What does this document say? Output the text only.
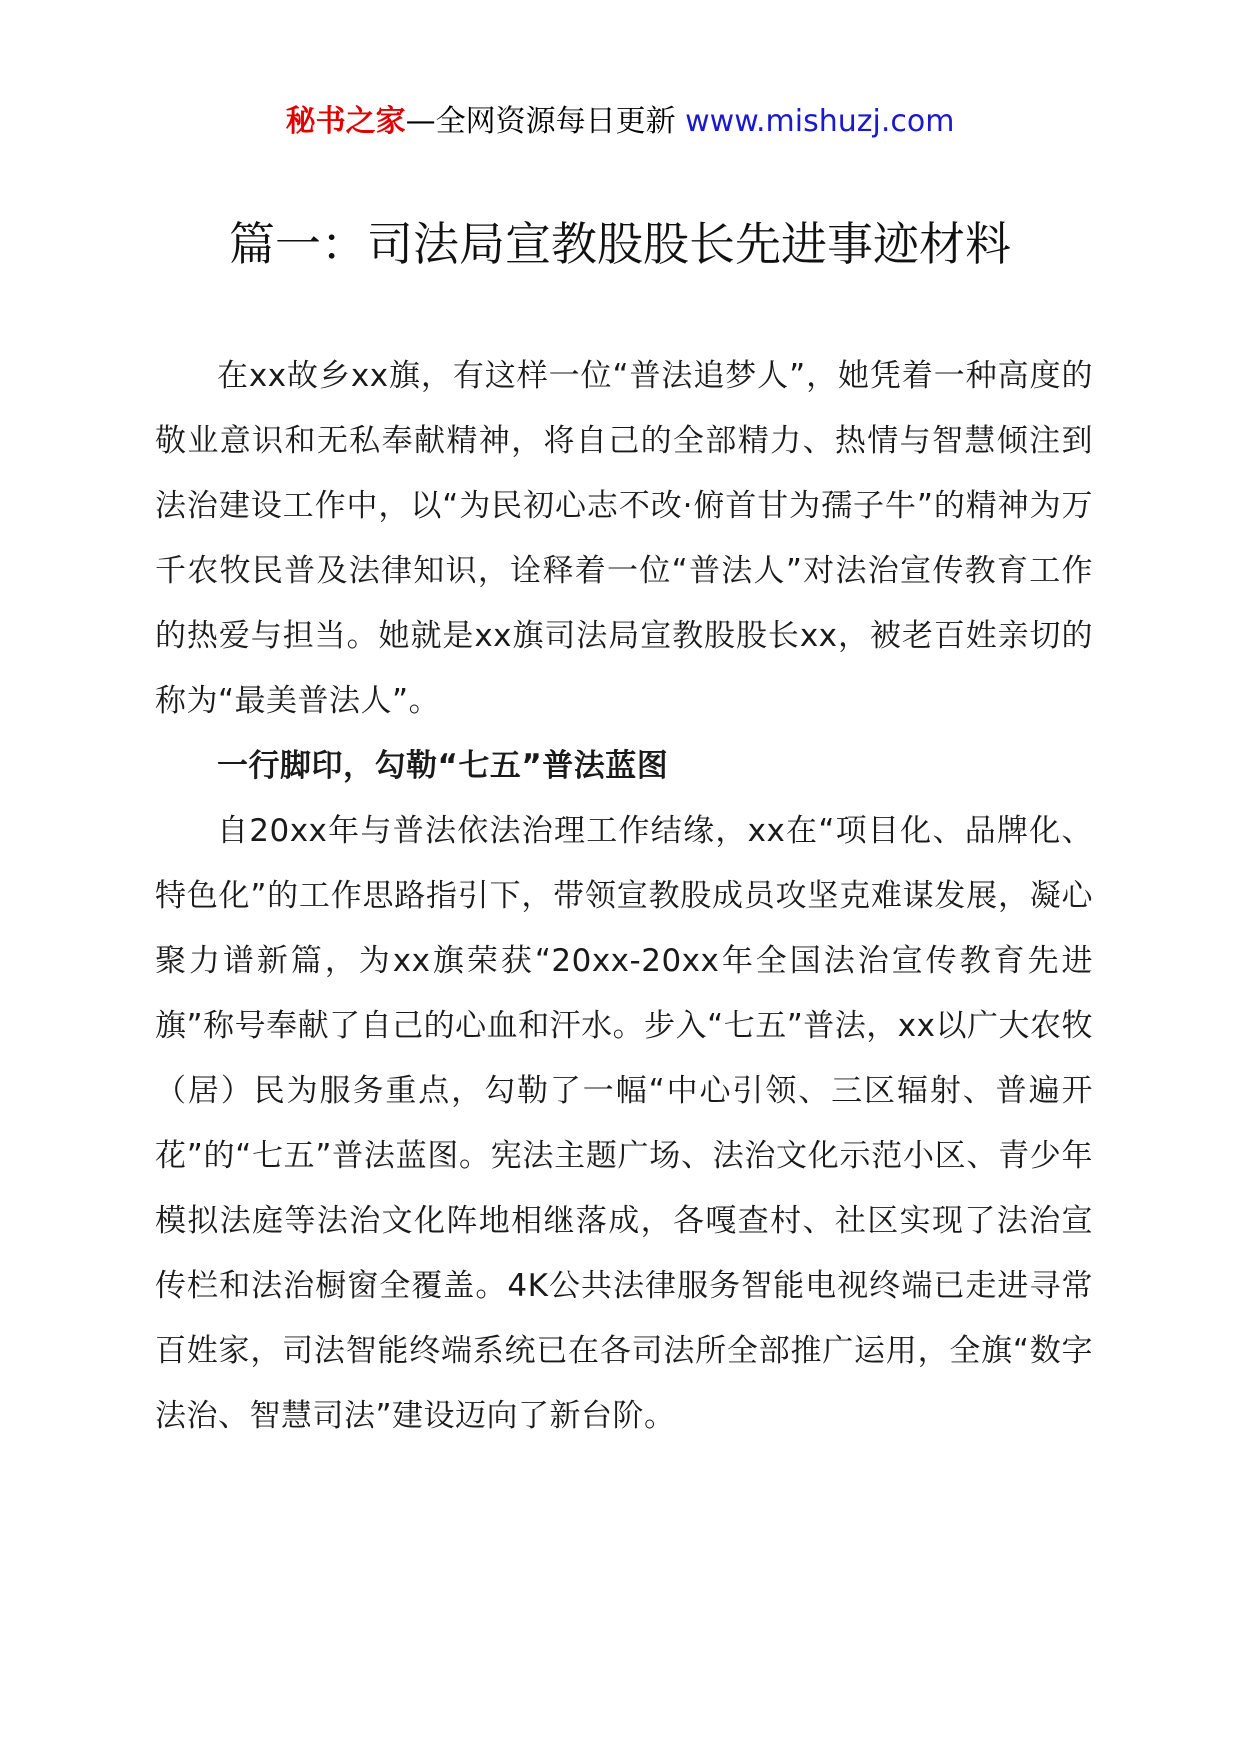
秘书之家—全网资源每日更新 www.mishuzj.com
篇一：司法局宣教股股长先进事迹材料

在xx故乡xx旗，有这样一位“普法追梦人”，她凭着一种高度的敬业意识和无私奉献精神，将自己的全部精力、热情与智慧倾注到法治建设工作中，以“为民初心志不改·俯首甘为孺子牛”的精神为万千农牧民普及法律知识，诠释着一位“普法人”对法治宣传教育工作的热爱与担当。她就是xx旗司法局宣教股股长xx，被老百姓亲切的称为“最美普法人”。

一行脚印，勾勒“七五”普法蓝图

自20xx年与普法依法治理工作结缘，xx在“项目化、品牌化、特色化”的工作思路指引下，带领宣教股成员攻坚克难谋发展，凝心聚力谱新篇，为xx旗荣获“20xx-20xx年全国法治宣传教育先进旗”称号奉献了自己的心血和汗水。步入“七五”普法，xx以广大农牧（居）民为服务重点，勾勒了一幅“中心引领、三区辐射、普遍开花”的“七五”普法蓝图。宪法主题广场、法治文化示范小区、青少年模拟法庭等法治文化阵地相继落成，各嘎查村、社区实现了法治宣传栏和法治橱窗全覆盖。4K公共法律服务智能电视终端已走进寻常百姓家，司法智能终端系统已在各司法所全部推广运用，全旗“数字法治、智慧司法”建设迈向了新台阶。
